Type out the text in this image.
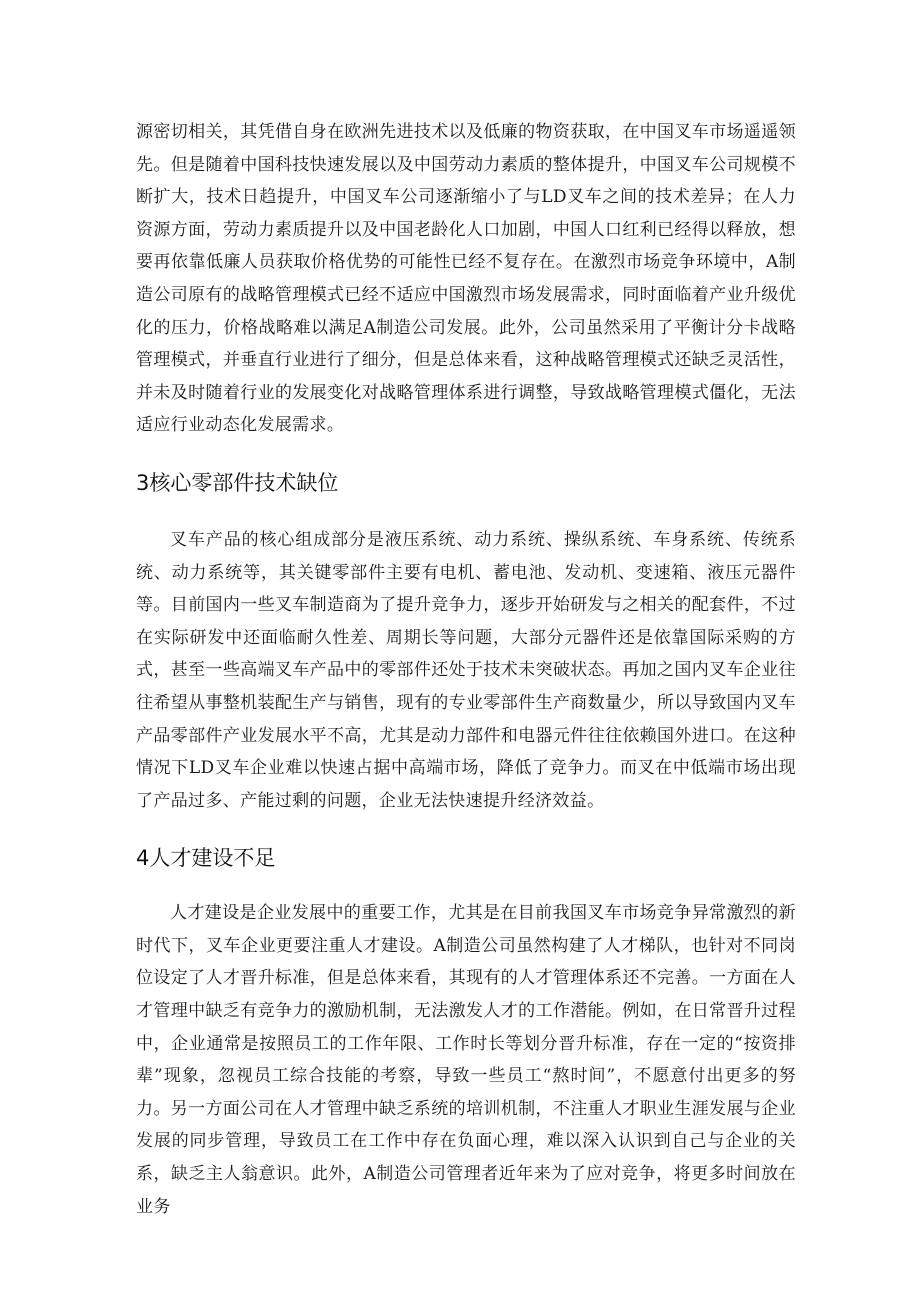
源密切相关，其凭借自身在欧洲先进技术以及低廉的物资获取，在中国叉车市场遥遥领先。但是随着中国科技快速发展以及中国劳动力素质的整体提升，中国叉车公司规模不断扩大，技术日趋提升，中国叉车公司逐渐缩小了与LD叉车之间的技术差异；在人力资源方面，劳动力素质提升以及中国老龄化人口加剧，中国人口红利已经得以释放，想要再依靠低廉人员获取价格优势的可能性已经不复存在。在激烈市场竞争环境中，A制造公司原有的战略管理模式已经不适应中国激烈市场发展需求，同时面临着产业升级优化的压力，价格战略难以满足A制造公司发展。此外，公司虽然采用了平衡计分卡战略管理模式，并垂直行业进行了细分，但是总体来看，这种战略管理模式还缺乏灵活性，并未及时随着行业的发展变化对战略管理体系进行调整，导致战略管理模式僵化，无法适应行业动态化发展需求。

3核心零部件技术缺位

叉车产品的核心组成部分是液压系统、动力系统、操纵系统、车身系统、传统系统、动力系统等，其关键零部件主要有电机、蓄电池、发动机、变速箱、液压元器件等。目前国内一些叉车制造商为了提升竞争力，逐步开始研发与之相关的配套件，不过在实际研发中还面临耐久性差、周期长等问题，大部分元器件还是依靠国际采购的方式，甚至一些高端叉车产品中的零部件还处于技术未突破状态。再加之国内叉车企业往往希望从事整机装配生产与销售，现有的专业零部件生产商数量少，所以导致国内叉车产品零部件产业发展水平不高，尤其是动力部件和电器元件往往依赖国外进口。在这种情况下LD叉车企业难以快速占据中高端市场，降低了竞争力。而叉在中低端市场出现了产品过多、产能过剩的问题，企业无法快速提升经济效益。

4人才建设不足

人才建设是企业发展中的重要工作，尤其是在目前我国叉车市场竞争异常激烈的新时代下，叉车企业更要注重人才建设。A制造公司虽然构建了人才梯队，也针对不同岗位设定了人才晋升标准，但是总体来看，其现有的人才管理体系还不完善。一方面在人才管理中缺乏有竞争力的激励机制，无法激发人才的工作潜能。例如，在日常晋升过程中，企业通常是按照员工的工作年限、工作时长等划分晋升标准，存在一定的“按资排辈”现象，忽视员工综合技能的考察，导致一些员工“熬时间”，不愿意付出更多的努力。另一方面公司在人才管理中缺乏系统的培训机制，不注重人才职业生涯发展与企业发展的同步管理，导致员工在工作中存在负面心理，难以深入认识到自己与企业的关系，缺乏主人翁意识。此外，A制造公司管理者近年来为了应对竞争，将更多时间放在业务
